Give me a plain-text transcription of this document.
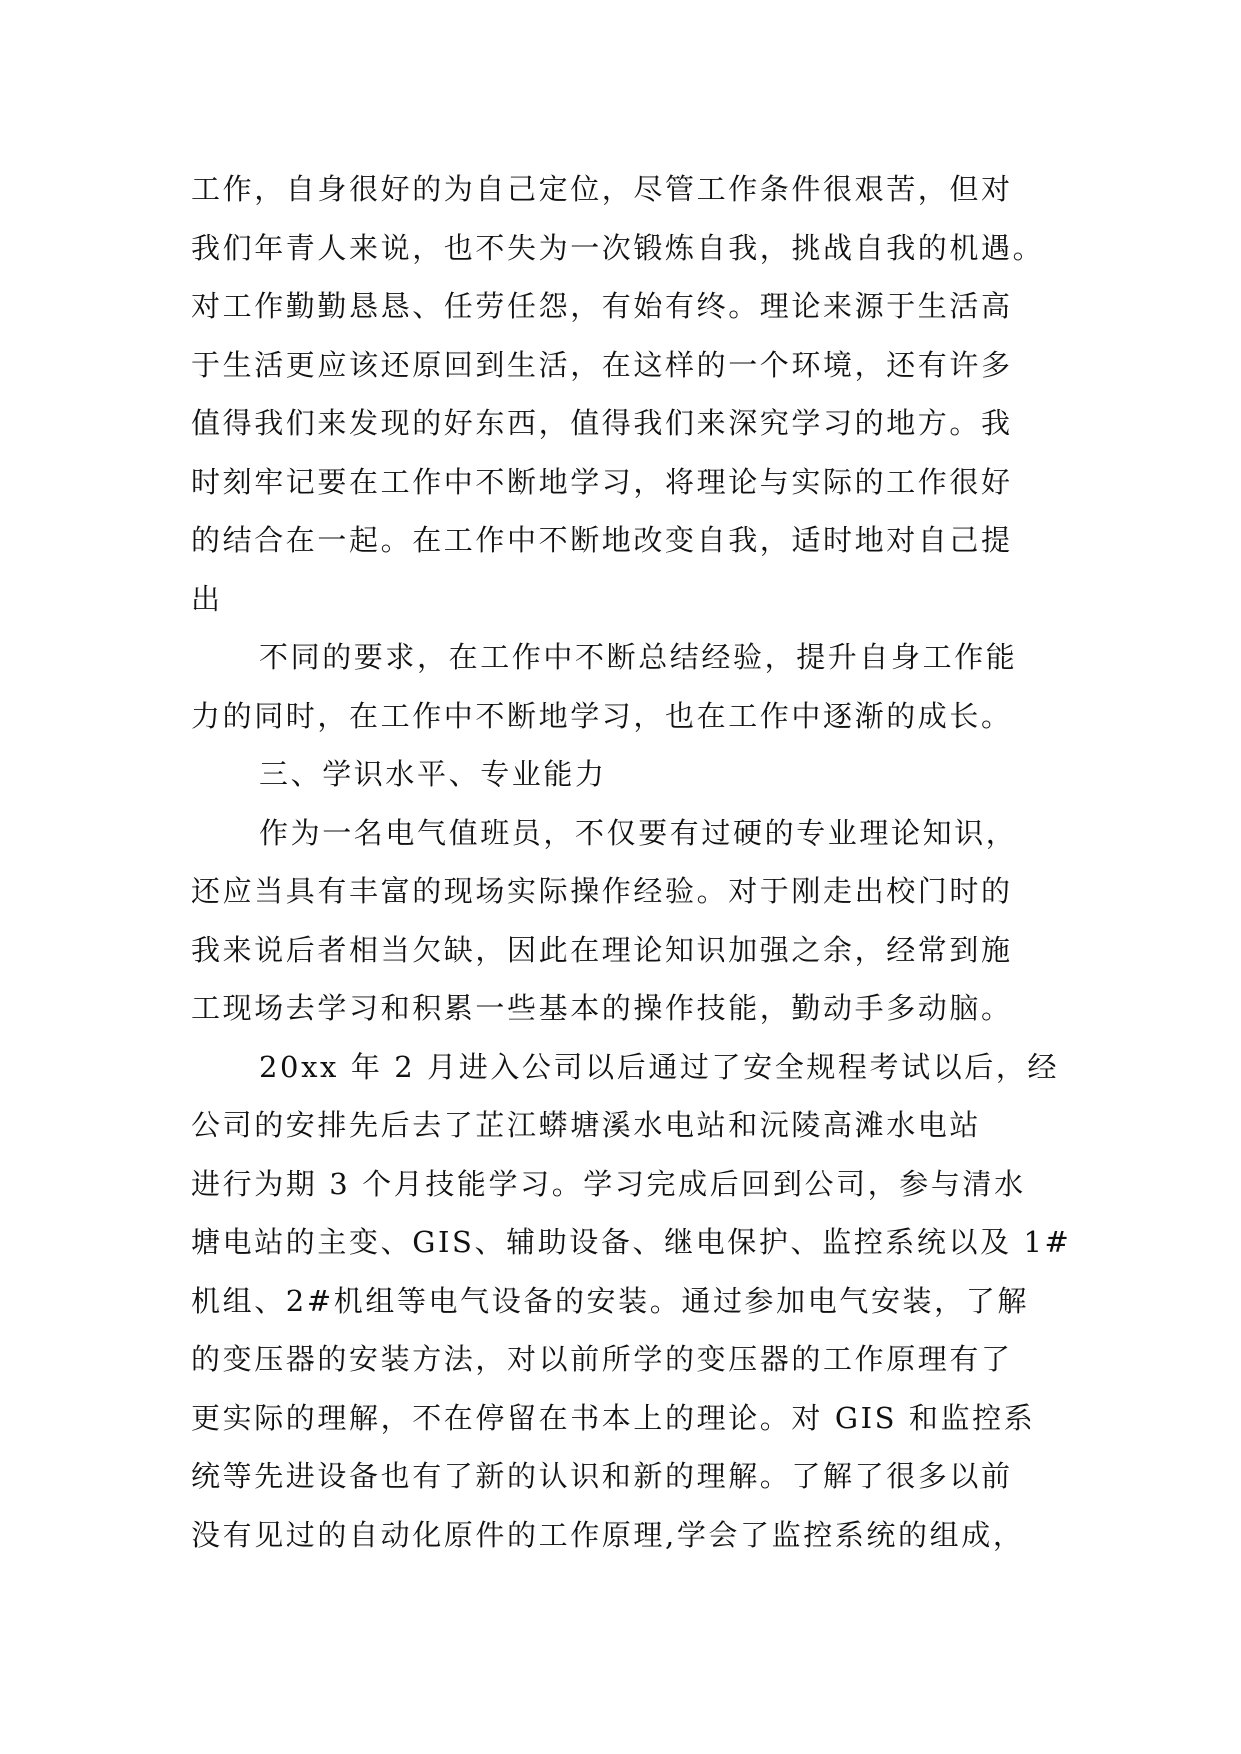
工作，自身很好的为自己定位，尽管工作条件很艰苦，但对
我们年青人来说，也不失为一次锻炼自我，挑战自我的机遇。
对工作勤勤恳恳、任劳任怨，有始有终。理论来源于生活高
于生活更应该还原回到生活，在这样的一个环境，还有许多
值得我们来发现的好东西，值得我们来深究学习的地方。我
时刻牢记要在工作中不断地学习，将理论与实际的工作很好
的结合在一起。在工作中不断地改变自我，适时地对自己提
出
不同的要求，在工作中不断总结经验，提升自身工作能
力的同时，在工作中不断地学习，也在工作中逐渐的成长。
三、学识水平、专业能力
作为一名电气值班员，不仅要有过硬的专业理论知识，
还应当具有丰富的现场实际操作经验。对于刚走出校门时的
我来说后者相当欠缺，因此在理论知识加强之余，经常到施
工现场去学习和积累一些基本的操作技能，勤动手多动脑。
20xx 年 2 月进入公司以后通过了安全规程考试以后，经
公司的安排先后去了芷江蟒塘溪水电站和沅陵高滩水电站
进行为期 3 个月技能学习。学习完成后回到公司，参与清水
塘电站的主变、GIS、辅助设备、继电保护、监控系统以及 1#
机组、2#机组等电气设备的安装。通过参加电气安装，了解
的变压器的安装方法，对以前所学的变压器的工作原理有了
更实际的理解，不在停留在书本上的理论。对 GIS 和监控系
统等先进设备也有了新的认识和新的理解。了解了很多以前
没有见过的自动化原件的工作原理,学会了监控系统的组成，
